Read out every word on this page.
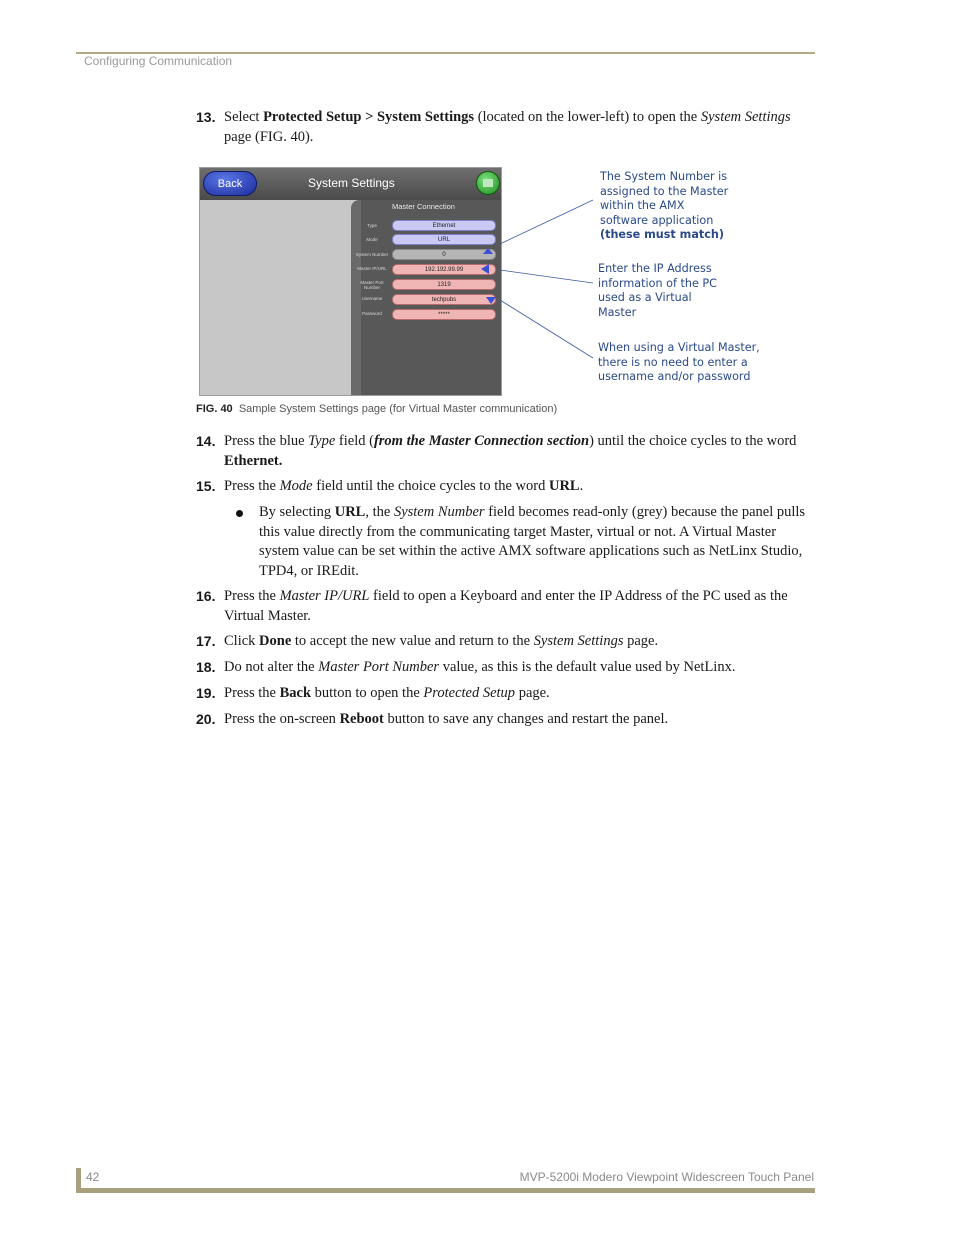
Configuring Communication
42	MVP-5200i Modero Viewpoint Widescreen Touch Panel
13. Select Protected Setup > System Settings (located on the lower-left) to open the System Settings page (FIG. 40).
Back	System Settings
Master Connection
Type	Ethernet
Mode	URL
System Number	0
Master IP/URL	192.192.99.99
Master Port Number	1319
Username	techpubs
Password	*****
The System Number is
assigned to the Master
within the AMX
software application
(these must match)
Enter the IP Address
information of the PC
used as a Virtual
Master
When using a Virtual Master,
there is no need to enter a
username and/or password
FIG. 40 Sample System Settings page (for Virtual Master communication)
14. Press the blue Type field (from the Master Connection section) until the choice cycles to the word Ethernet.
15. Press the Mode field until the choice cycles to the word URL.
By selecting URL, the System Number field becomes read-only (grey) because the panel pulls this value directly from the communicating target Master, virtual or not. A Virtual Master system value can be set within the active AMX software applications such as NetLinx Studio, TPD4, or IREdit.
16. Press the Master IP/URL field to open a Keyboard and enter the IP Address of the PC used as the Virtual Master.
17. Click Done to accept the new value and return to the System Settings page.
18. Do not alter the Master Port Number value, as this is the default value used by NetLinx.
19. Press the Back button to open the Protected Setup page.
20. Press the on-screen Reboot button to save any changes and restart the panel.
